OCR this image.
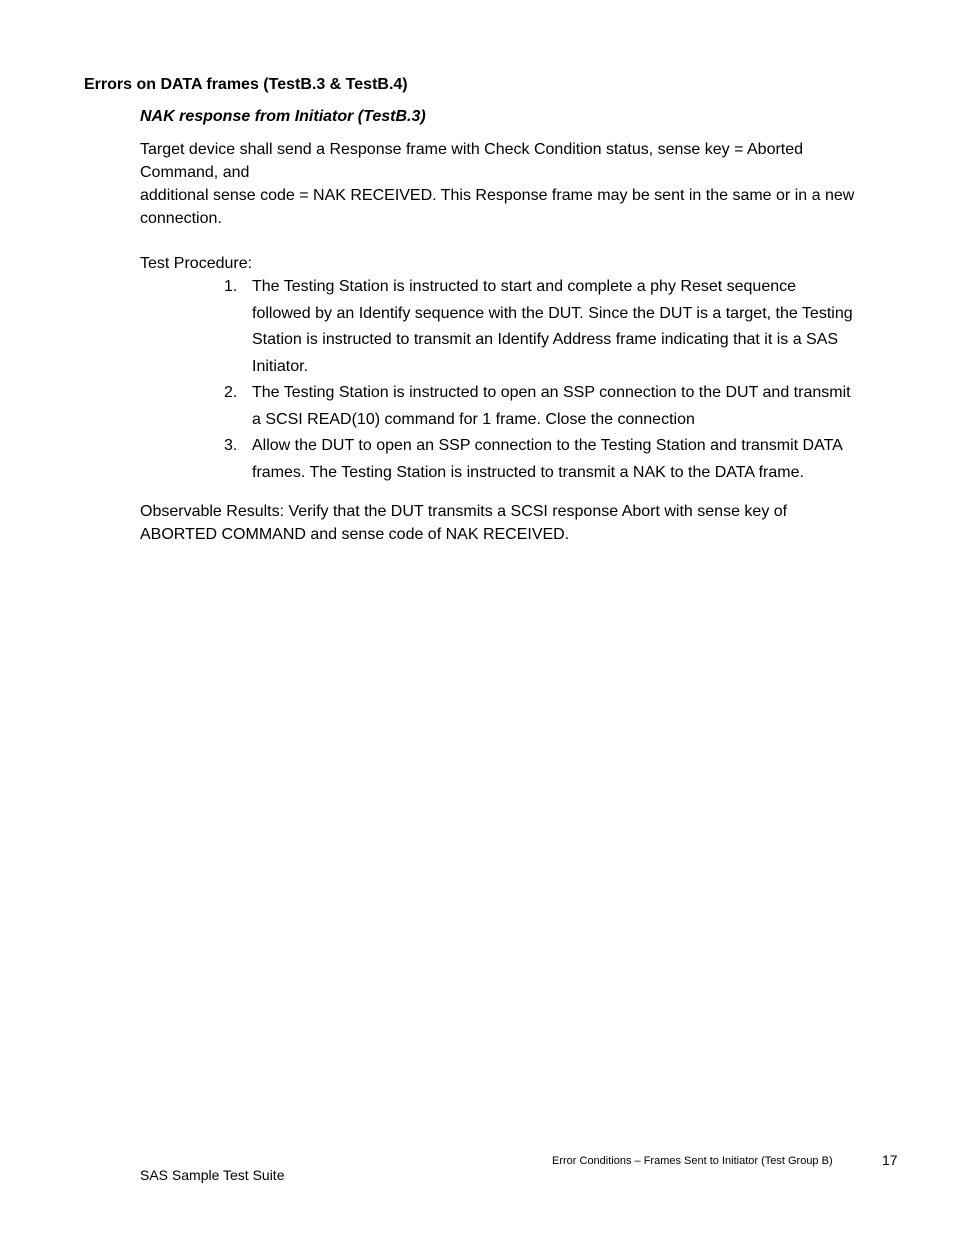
Errors on DATA frames (TestB.3 & TestB.4)
NAK response from Initiator (TestB.3)

Target device shall send a Response frame with Check Condition status, sense key = Aborted
Command, and
additional sense code = NAK RECEIVED. This Response frame may be sent in the same or in a new
connection.

Test Procedure:

1. The Testing Station is instructed to start and complete a phy Reset sequence
followed by an Identify sequence with the DUT. Since the DUT is a target, the Testing
Station is instructed to transmit an Identify Address frame indicating that it is a SAS
Initiator.
2. The Testing Station is instructed to open an SSP connection to the DUT and transmit
a SCSI READ(10) command for 1 frame. Close the connection
3. Allow the DUT to open an SSP connection to the Testing Station and transmit DATA
frames. The Testing Station is instructed to transmit a NAK to the DATA frame.

Observable Results: Verify that the DUT transmits a SCSI response Abort with sense key of
ABORTED COMMAND and sense code of NAK RECEIVED.

Error Conditions – Frames Sent to Initiator (Test Group B)	17
SAS Sample Test Suite
